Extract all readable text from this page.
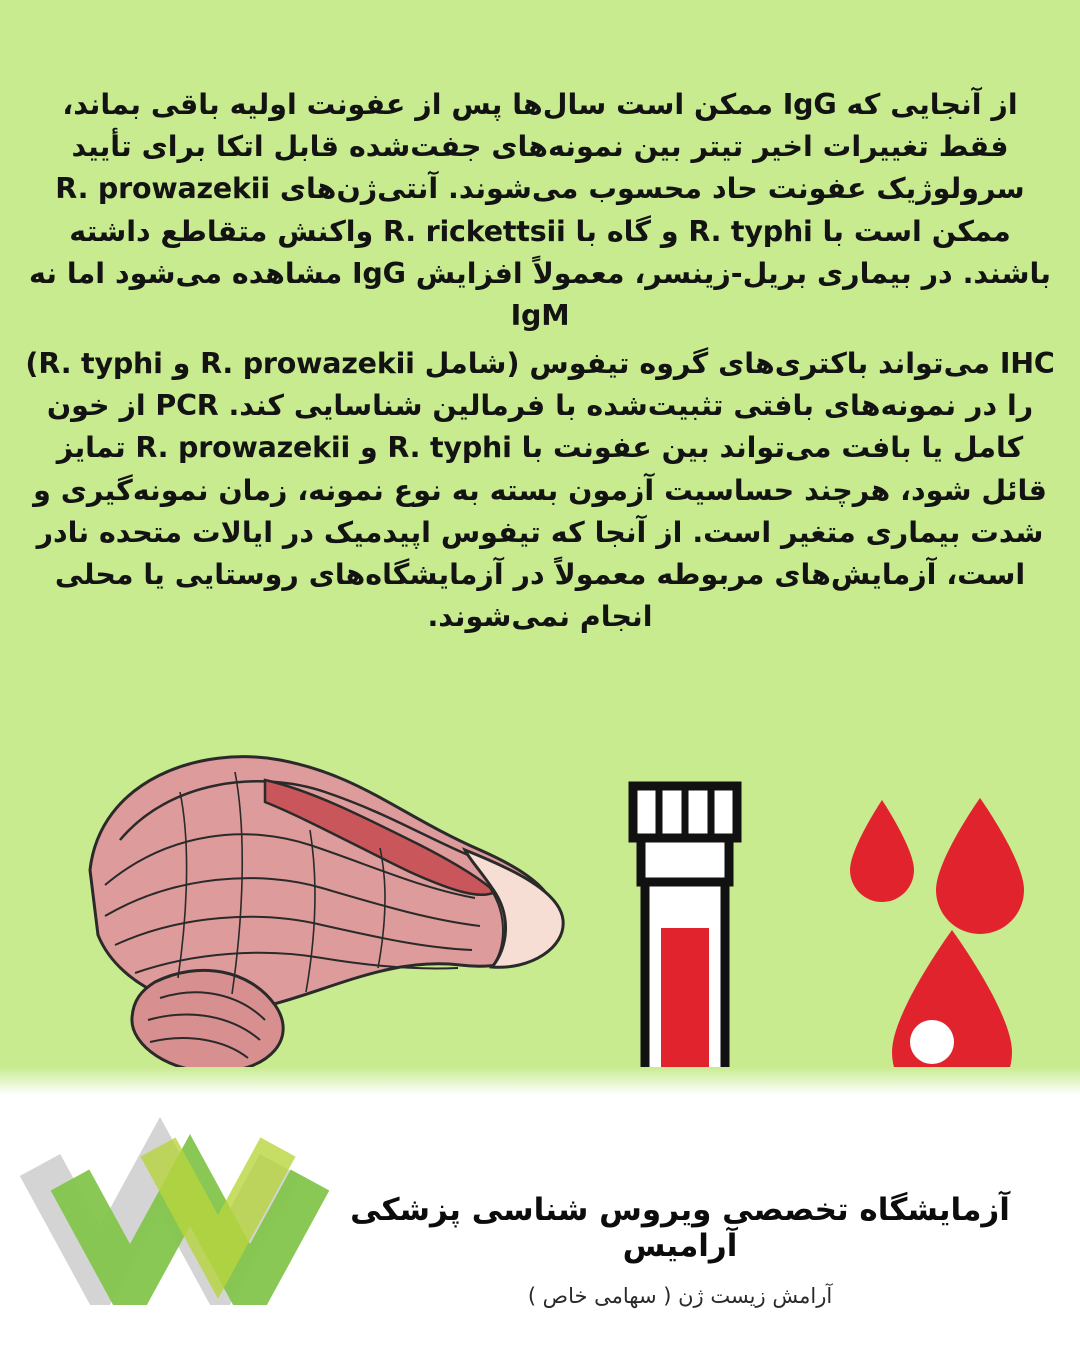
از آنجایی که IgG ممکن است سال‌ها پس از عفونت اولیه باقی بماند، فقط تغییرات اخیر تیتر بین نمونه‌های جفت‌شده قابل اتکا برای تأیید سرولوژیک عفونت حاد محسوب می‌شوند. آنتی‌ژن‌های R. prowazekii ممکن است با R. typhi و گاه با R. rickettsii واکنش متقاطع داشته باشند. در بیماری بریل-زینسر، معمولاً افزایش IgG مشاهده می‌شود اما نه IgM

IHC می‌تواند باکتری‌های گروه تیفوس (شامل R. prowazekii و R. typhi) را در نمونه‌های بافتی تثبیت‌شده با فرمالین شناسایی کند. PCR از خون کامل یا بافت می‌تواند بین عفونت با R. typhi و R. prowazekii تمایز قائل شود، هرچند حساسیت آزمون بسته به نوع نمونه، زمان نمونه‌گیری و شدت بیماری متغیر است. از آنجا که تیفوس اپیدمیک در ایالات متحده نادر است، آزمایش‌های مربوطه معمولاً در آزمایشگاه‌های روستایی یا محلی انجام نمی‌شوند.

آزمایشگاه تخصصی ویروس شناسی پزشکی آرامیس
آرامش زیست ژن ( سهامی خاص )
